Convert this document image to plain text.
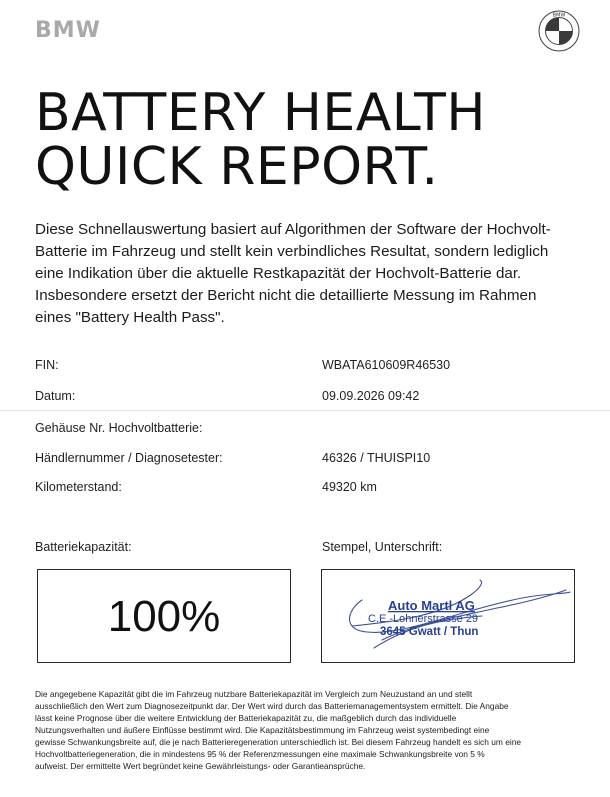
BMW
BMW
BATTERY HEALTH
QUICK REPORT.

Diese Schnellauswertung basiert auf Algorithmen der Software der Hochvolt-
Batterie im Fahrzeug und stellt kein verbindliches Resultat, sondern lediglich
eine Indikation über die aktuelle Restkapazität der Hochvolt-Batterie dar.
Insbesondere ersetzt der Bericht nicht die detaillierte Messung im Rahmen
eines "Battery Health Pass".

FIN:	WBATA610609R46530
Datum:	09.09.2026 09:42
Gehäuse Nr. Hochvoltbatterie:
Händlernummer / Diagnosetester:	46326 / THUISPI10
Kilometerstand:	49320 km
Batteriekapazität:	Stempel, Unterschrift:
100%	Auto Martl AG
C.E.-Lohnerstrasse 29
3645 Gwatt / Thun

Die angegebene Kapazität gibt die im Fahrzeug nutzbare Batteriekapazität im Vergleich zum Neuzustand an und stellt
ausschließlich den Wert zum Diagnosezeitpunkt dar. Der Wert wird durch das Batteriemanagementsystem ermittelt. Die Angabe
lässt keine Prognose über die weitere Entwicklung der Batteriekapazität zu, die maßgeblich durch das individuelle
Nutzungsverhalten und äußere Einflüsse bestimmt wird. Die Kapazitätsbestimmung im Fahrzeug weist systembedingt eine
gewisse Schwankungsbreite auf, die je nach Batterieregeneration unterschiedlich ist. Bei diesem Fahrzeug handelt es sich um eine
Hochvoltbatteriegeneration, die in mindestens 95 % der Referenzmessungen eine maximale Schwankungsbreite von 5 %
aufweist. Der ermittelte Wert begründet keine Gewährleistungs- oder Garantieansprüche.
